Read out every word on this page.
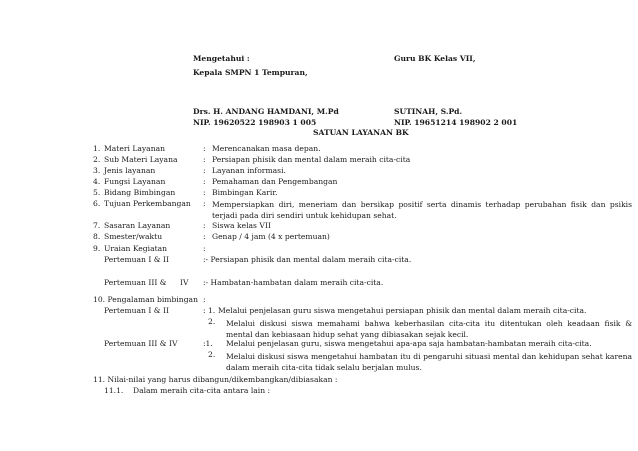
Mengetahui :
Kepala SMPN 1 Tempuran,
Guru BK Kelas VII,
Drs. H. ANDANG HAMDANI, M.Pd
NIP. 19620522 198903 1 005
SUTINAH, S.Pd.
NIP. 19651214 198902 2 001
SATUAN LAYANAN BK
1. Materi Layanan	: Merencanakan masa depan.
2. Sub Materi Layana	: Persiapan phisik dan mental dalam meraih cita-cita
3. Jenis layanan	: Layanan informasi.
4. Fungsi Layanan	: Pemahaman dan Pengembangan
5. Bidang Bimbingan	: Bimbingan Karir.
6. Tujuan Perkembangan : Mempersiapkan diri, meneriam dan bersikap positif serta dinamis terhadap perubahan fisik dan psikis terjadi pada diri sendiri untuk kehidupan sehat.
7. Sasaran Layanan	: Siswa kelas VII
8. Smester/waktu	: Genap / 4 jam (4 x pertemuan)
9. Uraian Kegiatan	:
Pertemuan I & II	:- Persiapan phisik dan mental dalam meraih cita-cita.
Pertemuan III & IV :- Hambatan-hambatan dalam meraih cita-cita.
10. Pengalaman bimbingan :
Pertemuan I & II	: 1. Melalui penjelasan guru siswa mengetahui persiapan phisik dan mental dalam meraih cita-cita.
2. Melalui diskusi siswa memahami bahwa keberhasilan cita-cita itu ditentukan oleh keadaan fisik & mental dan kebiasaan hidup sehat yang dibiasakan sejak kecil.
Pertemuan III & IV	:1. Melalui penjelasan guru, siswa mengetahui apa-apa saja hambatan-hambatan meraih cita-cita.
2. Melalui diskusi siswa mengetahui hambatan itu di pengaruhi situasi mental dan kehidupan sehat karena dalam meraih cita-cita tidak selalu berjalan mulus.
11. Nilai-nilai yang harus dibangun/dikembangkan/dibiasakan :
11.1.    Dalam meraih cita-cita antara lain :
